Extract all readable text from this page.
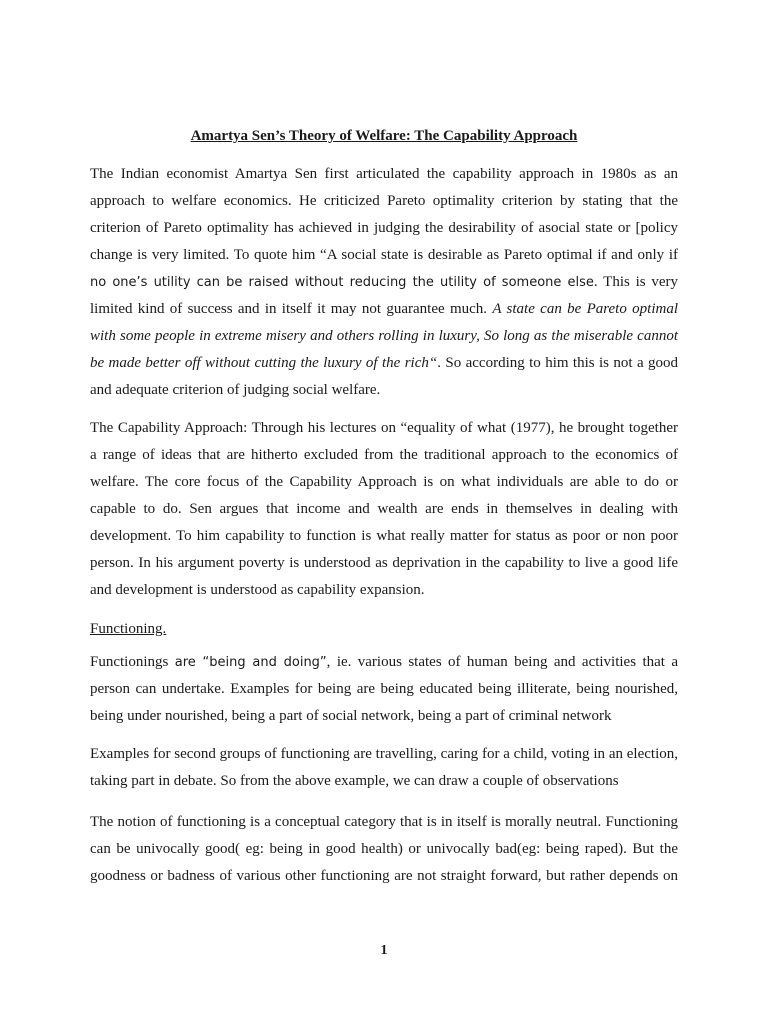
Amartya Sen’s Theory of Welfare: The Capability Approach

The Indian economist Amartya Sen first articulated the capability approach in 1980s as an approach to welfare economics. He criticized Pareto optimality criterion by stating that the criterion of Pareto optimality has achieved in judging the desirability of asocial state or [policy change is very limited. To quote him “A social state is desirable as Pareto optimal if and only if no one’s utility can be raised without reducing the utility of someone else. This is very limited kind of success and in itself it may not guarantee much. A state can be Pareto optimal with some people in extreme misery and others rolling in luxury, So long as the miserable cannot be made better off without cutting the luxury of the rich“. So according to him this is not a good and adequate criterion of judging social welfare.

The Capability Approach: Through his lectures on “equality of what (1977), he brought together a range of ideas that are hitherto excluded from the traditional approach to the economics of welfare. The core focus of the Capability Approach is on what individuals are able to do or capable to do. Sen argues that income and wealth are ends in themselves in dealing with development. To him capability to function is what really matter for status as poor or non poor person. In his argument poverty is understood as deprivation in the capability to live a good life and development is understood as capability expansion.

Functioning.

Functionings are “being and doing”, ie. various states of human being and activities that a person can undertake. Examples for being are being educated being illiterate, being nourished, being under nourished, being a part of social network, being a part of criminal network

Examples for second groups of functioning are travelling, caring for a child, voting in an election, taking part in debate. So from the above example, we can draw a couple of observations

The notion of functioning is a conceptual category that is in itself is morally neutral. Functioning can be univocally good( eg: being in good health) or univocally bad(eg: being raped). But the goodness or badness of various other functioning are not straight forward, but rather depends on

1
